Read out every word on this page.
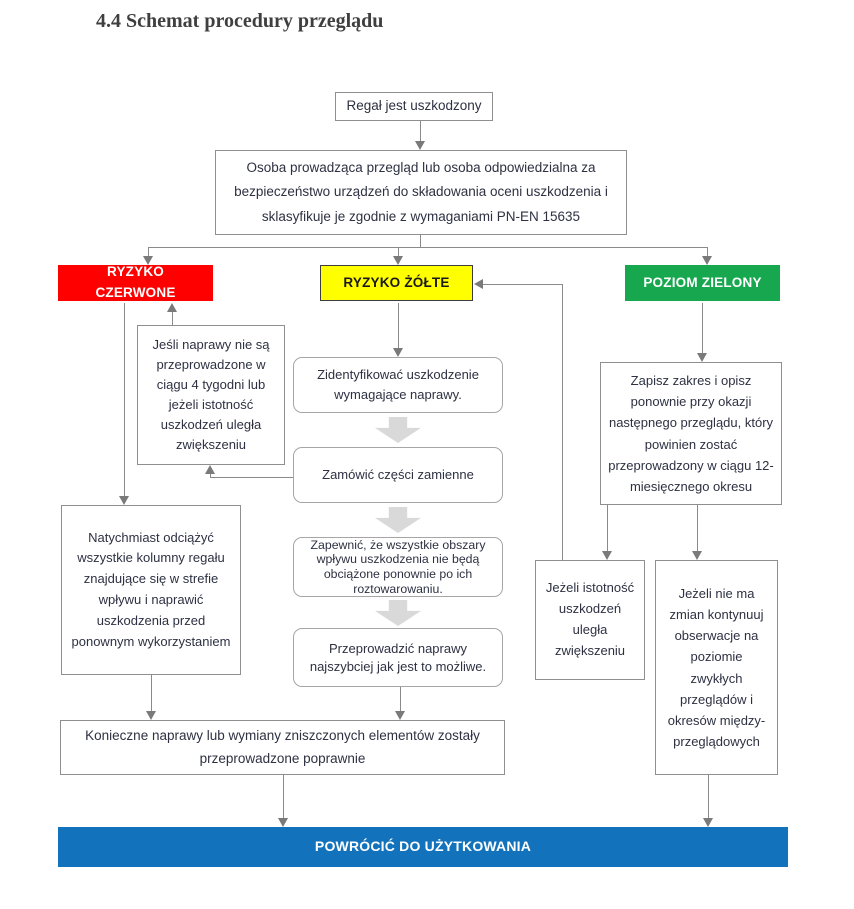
4.4 Schemat procedury przeglądu
Regał jest uszkodzony
Osoba prowadząca przegląd lub osoba odpowiedzialna za bezpieczeństwo urządzeń do składowania oceni uszkodzenia i sklasyfikuje je zgodnie z wymaganiami PN-EN 15635
RYZYKO CZERWONE
RYZYKO ŻÓŁTE	POZIOM ZIELONY
Jeśli naprawy nie są przeprowadzone w ciągu 4 tygodni lub jeżeli istotność uszkodzeń uległa zwiększeniu
Natychmiast odciążyć wszystkie kolumny regału znajdujące się w strefie wpływu i naprawić uszkodzenia przed ponownym wykorzystaniem
Zidentyfikować uszkodzenie wymagające naprawy.
Zamówić części zamienne
Zapewnić, że wszystkie obszary wpływu uszkodzenia nie będą obciążone ponownie po ich roztowarowaniu.
Przeprowadzić naprawy najszybciej jak jest to możliwe.
Zapisz zakres i opisz ponownie przy okazji następnego przeglądu, który powinien zostać przeprowadzony w ciągu 12-miesięcznego okresu
Jeżeli istotność uszkodzeń uległa zwiększeniu
Jeżeli nie ma zmian kontynuuj obserwacje na poziomie zwykłych przeglądów i okresów między-przeglądowych
Konieczne naprawy lub wymiany zniszczonych elementów zostały przeprowadzone poprawnie
POWRÓCIĆ DO UŻYTKOWANIA
